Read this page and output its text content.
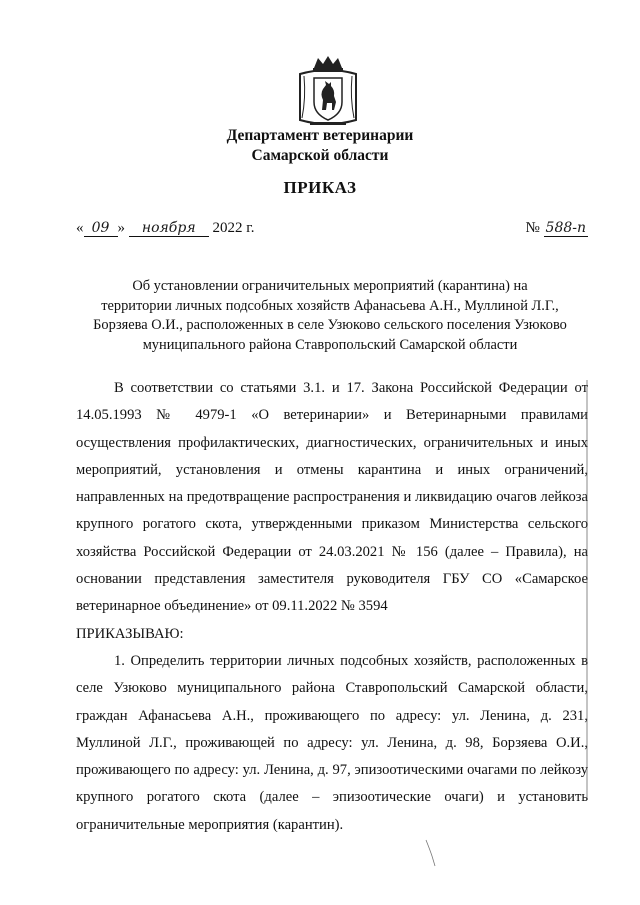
Департамент ветеринарии
Самарской области
ПРИКАЗ
« 09 » ноября 2022 г.	№ 588-п
Об установлении ограничительных мероприятий (карантина) на
территории личных подсобных хозяйств Афанасьева А.Н., Муллиной Л.Г.,
Борзяева О.И., расположенных в селе Узюково сельского поселения Узюково
муниципального района Ставропольский Самарской области

В соответствии со статьями 3.1. и 17. Закона Российской Федерации от 14.05.1993 № 4979-1 «О ветеринарии» и Ветеринарными правилами осуществления профилактических, диагностических, ограничительных и иных мероприятий, установления и отмены карантина и иных ограничений, направленных на предотвращение распространения и ликвидацию очагов лейкоза крупного рогатого скота, утвержденными приказом Министерства сельского хозяйства Российской Федерации от 24.03.2021 № 156 (далее – Правила), на основании представления заместителя руководителя ГБУ СО «Самарское ветеринарное объединение» от 09.11.2022 № 3594

ПРИКАЗЫВАЮ:

1. Определить территории личных подсобных хозяйств, расположенных в селе Узюково муниципального района Ставропольский Самарской области, граждан Афанасьева А.Н., проживающего по адресу: ул. Ленина, д. 231, Муллиной Л.Г., проживающей по адресу: ул. Ленина, д. 98, Борзяева О.И., проживающего по адресу: ул. Ленина, д. 97, эпизоотическими очагами по лейкозу крупного рогатого скота (далее – эпизоотические очаги) и установить ограничительные мероприятия (карантин).
